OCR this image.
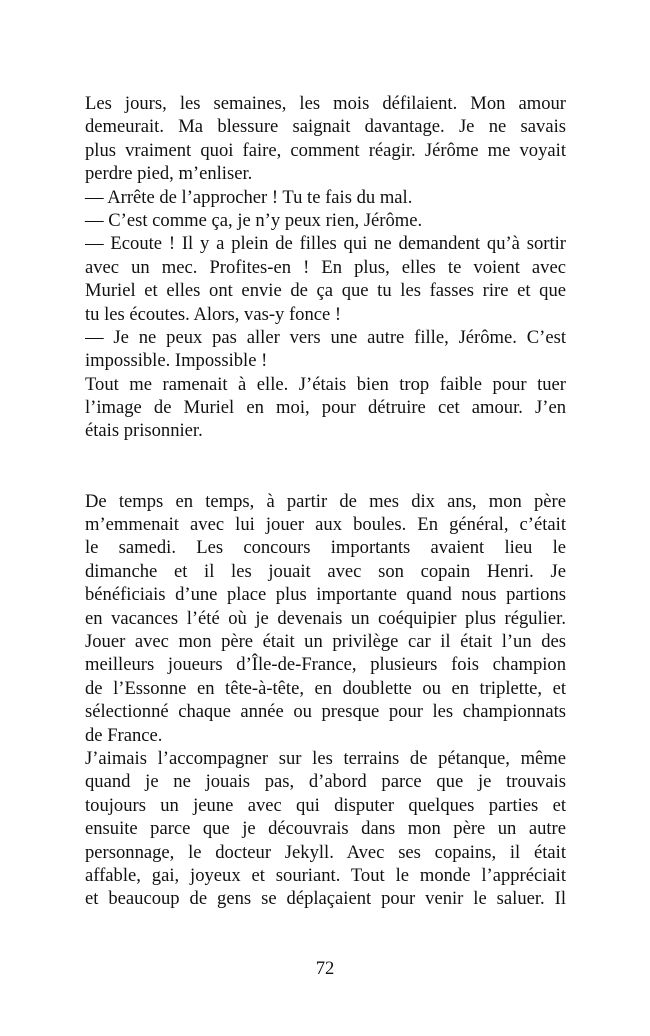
Les jours, les semaines, les mois défilaient. Mon amour
demeurait. Ma blessure saignait davantage. Je ne savais
plus vraiment quoi faire, comment réagir. Jérôme me voyait
perdre pied, m’enliser.
— Arrête de l’approcher ! Tu te fais du mal.
— C’est comme ça, je n’y peux rien, Jérôme.
— Ecoute ! Il y a plein de filles qui ne demandent qu’à sortir
avec un mec. Profites-en ! En plus, elles te voient avec
Muriel et elles ont envie de ça que tu les fasses rire et que
tu les écoutes. Alors, vas-y fonce !
— Je ne peux pas aller vers une autre fille, Jérôme. C’est
impossible. Impossible !
Tout me ramenait à elle. J’étais bien trop faible pour tuer
l’image de Muriel en moi, pour détruire cet amour. J’en
étais prisonnier.
De temps en temps, à partir de mes dix ans, mon père
m’emmenait avec lui jouer aux boules. En général, c’était
le samedi. Les concours importants avaient lieu le
dimanche et il les jouait avec son copain Henri. Je
bénéficiais d’une place plus importante quand nous partions
en vacances l’été où je devenais un coéquipier plus régulier.
Jouer avec mon père était un privilège car il était l’un des
meilleurs joueurs d’Île-de-France, plusieurs fois champion
de l’Essonne en tête-à-tête, en doublette ou en triplette, et
sélectionné chaque année ou presque pour les championnats
de France.
J’aimais l’accompagner sur les terrains de pétanque, même
quand je ne jouais pas, d’abord parce que je trouvais
toujours un jeune avec qui disputer quelques parties et
ensuite parce que je découvrais dans mon père un autre
personnage, le docteur Jekyll. Avec ses copains, il était
affable, gai, joyeux et souriant. Tout le monde l’appréciait
et beaucoup de gens se déplaçaient pour venir le saluer. Il
72
